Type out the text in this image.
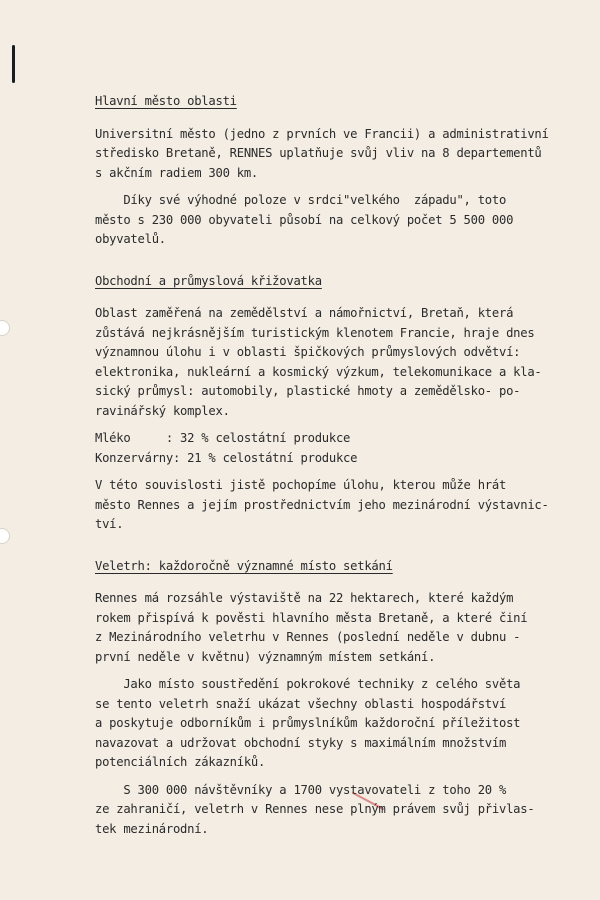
Hlavní město oblasti
Universitní město (jedno z prvních ve Francii) a administrativní
středisko Bretaně, RENNES uplatňuje svůj vliv na 8 departementů
s akčním radiem 300 km.
Díky své výhodné poloze v srdci"velkého  západu", toto
město s 230 000 obyvateli působí na celkový počet 5 500 000
obyvatelů.
Obchodní a průmyslová křižovatka
Oblast zaměřená na zemědělství a námořnictví, Bretaň, která
zůstává nejkrásnějším turistickým klenotem Francie, hraje dnes
významnou úlohu i v oblasti špičkových průmyslových odvětví:
elektronika, nukleární a kosmický výzkum, telekomunikace a kla-
sický průmysl: automobily, plastické hmoty a zemědělsko- po-
ravinářský komplex.
Mléko     : 32 % celostátní produkce
Konzervárny: 21 % celostátní produkce
V této souvislosti jistě pochopíme úlohu, kterou může hrát
město Rennes a jejím prostřednictvím jeho mezinárodní výstavnic-
tví.
Veletrh: každoročně významné místo setkání
Rennes má rozsáhle výstaviště na 22 hektarech, které každým
rokem přispívá k pověsti hlavního města Bretaně, a které činí
z Mezinárodního veletrhu v Rennes (poslední neděle v dubnu -
první neděle v květnu) významným místem setkání.
Jako místo soustředění pokrokové techniky z celého světa
se tento veletrh snaží ukázat všechny oblasti hospodářství
a poskytuje odborníkům i průmyslníkům každoroční příležitost
navazovat a udržovat obchodní styky s maximálním množstvím
potenciálních zákazníků.
S 300 000 návštěvníky a 1700 vystavovateli z toho 20 %
ze zahraničí, veletrh v Rennes nese plným právem svůj přivlas-
tek mezinárodní.
